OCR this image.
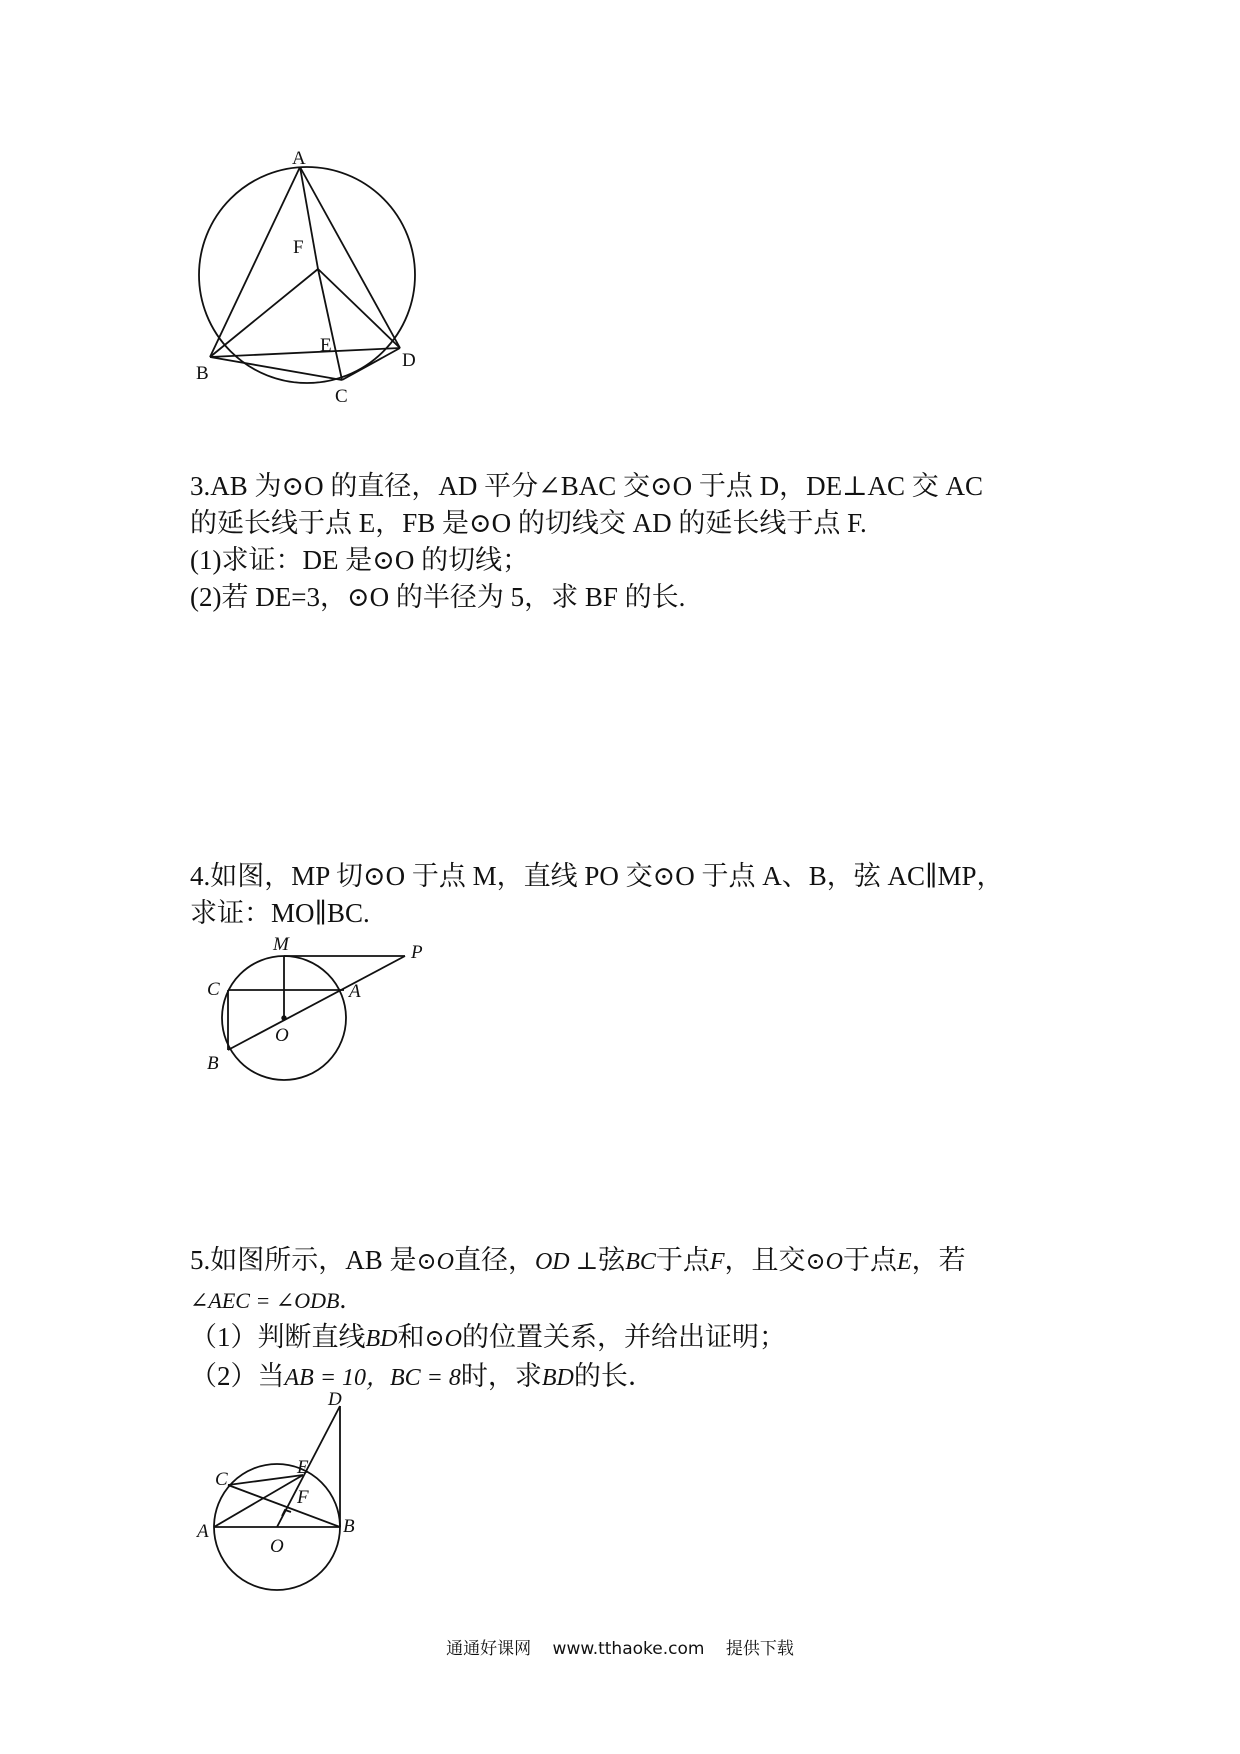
A
F
E
D
B
C
3.AB 为⊙O 的直径，AD 平分∠BAC 交⊙O 于点 D，DE⊥AC 交 AC
的延长线于点 E，FB 是⊙O 的切线交 AD 的延长线于点 F.
(1)求证：DE 是⊙O 的切线；
(2)若 DE=3，⊙O 的半径为 5，求 BF 的长.
4.如图，MP 切⊙O 于点 M，直线 PO 交⊙O 于点 A、B，弦 AC∥MP，
求证：MO∥BC.
M	P
C	A
O
B
5.如图所示，AB 是⊙O直径，OD ⊥弦BC于点F，且交⊙O于点E，若
∠AEC = ∠ODB.
（1）判断直线BD和⊙O的位置关系，并给出证明；
（2）当AB = 10，BC = 8时，求BD的长．
D
C
E
F
A	B
O
通通好课网 www.tthaoke.com 提供下载
